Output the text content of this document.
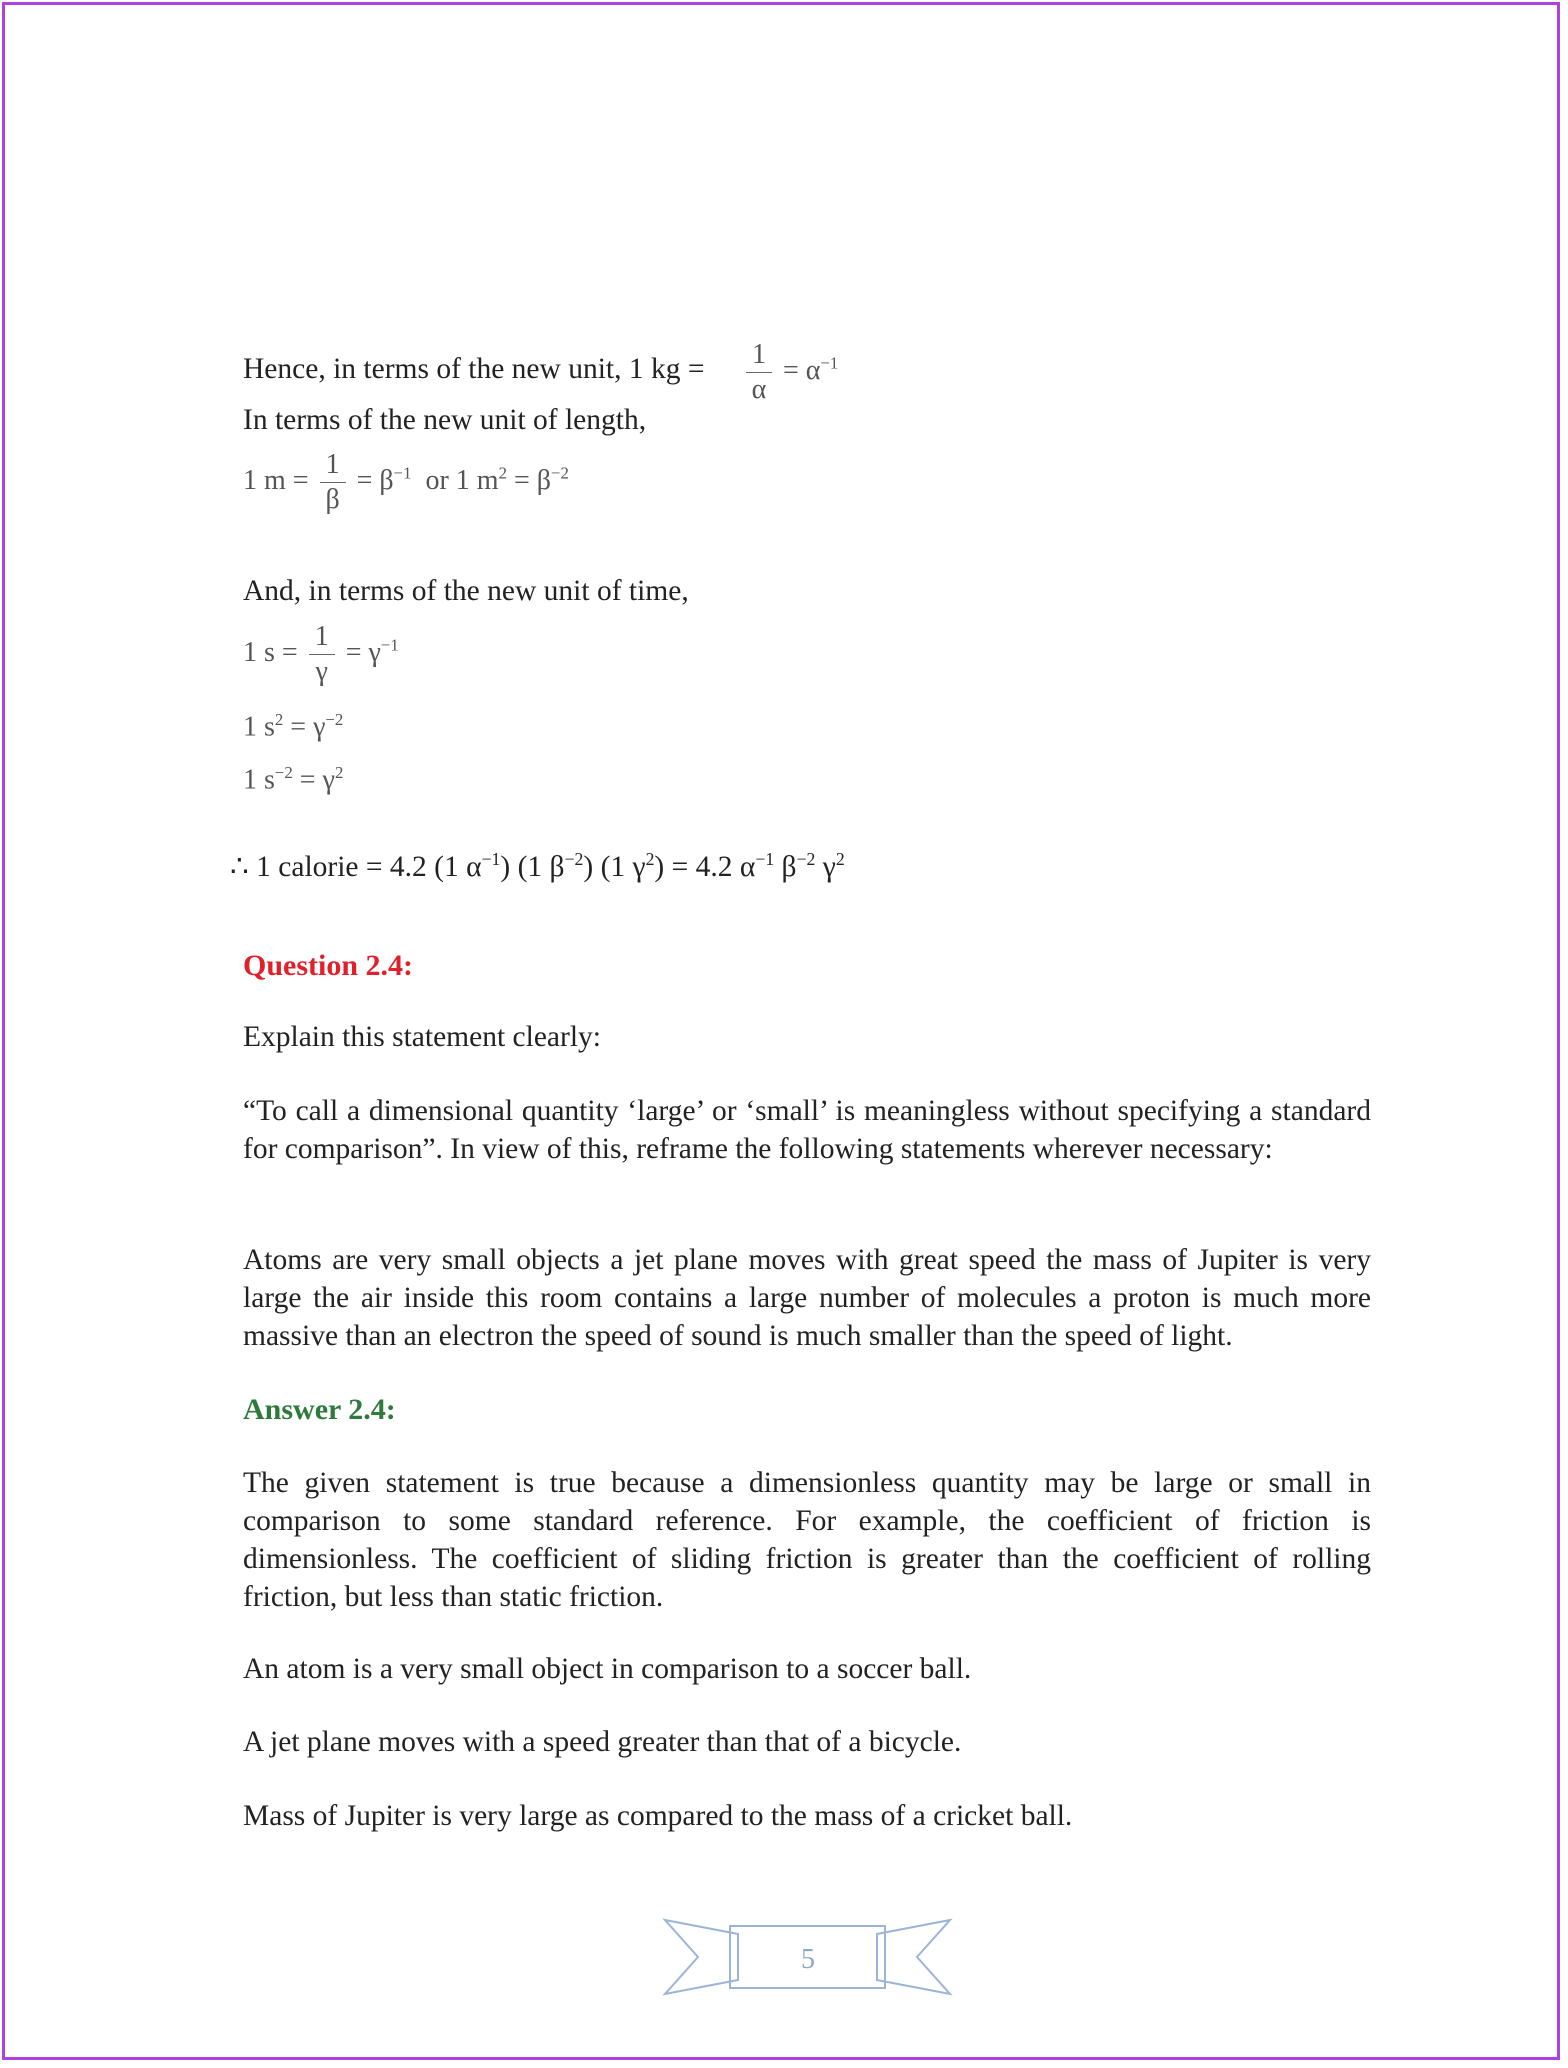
Hence, in terms of the new unit, 1 kg = $\frac{1}{\alpha} = \alpha^{-1}$
In terms of the new unit of length,
1 $m = \frac{1}{\beta} = \beta^{-1}$ or 1 $m^2 = \beta^{-2}$
And, in terms of the new unit of time,
1 $s = \frac{1}{\gamma} = \gamma^{-1}$
1 $s^2 = \gamma^{-2}$
1 $s^{-2} = \gamma^2$
∴ 1 calorie = 4.2 (1 $\alpha^{-1}$) (1 $\beta^{-2}$) (1 $\gamma^2) = 4.2$ $\alpha^{-1}$ $\beta^{-2}$ $\gamma^2$
Question 2.4:
Explain this statement clearly:
“To call a dimensional quantity ‘large’ or ‘small’ is meaningless without specifying a standard for comparison”. In view of this, reframe the following statements wherever necessary:
Atoms are very small objects a jet plane moves with great speed the mass of Jupiter is very large the air inside this room contains a large number of molecules a proton is much more massive than an electron the speed of sound is much smaller than the speed of light.
Answer 2.4:
The given statement is true because a dimensionless quantity may be large or small in comparison to some standard reference. For example, the coefficient of friction is dimensionless. The coefficient of sliding friction is greater than the coefficient of rolling friction, but less than static friction.
An atom is a very small object in comparison to a soccer ball.
A jet plane moves with a speed greater than that of a bicycle.
Mass of Jupiter is very large as compared to the mass of a cricket ball.
5
